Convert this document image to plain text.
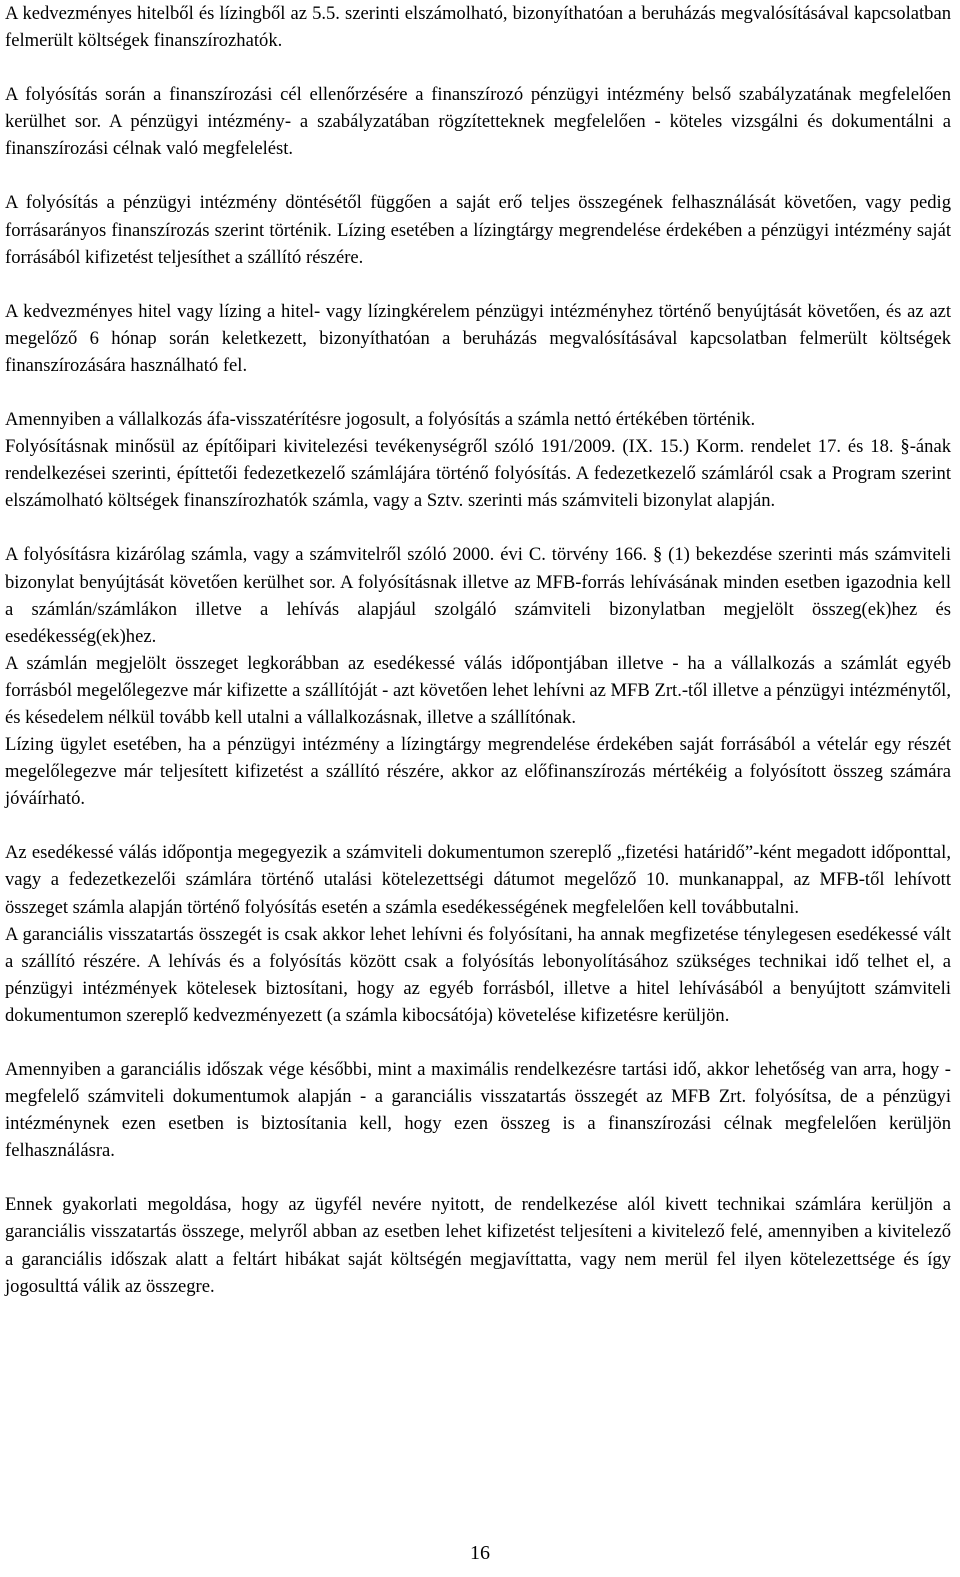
A kedvezményes hitelből és lízingből az 5.5. szerinti elszámolható, bizonyíthatóan a beruházás megvalósításával kapcsolatban felmerült költségek finanszírozhatók.

A folyósítás során a finanszírozási cél ellenőrzésére a finanszírozó pénzügyi intézmény belső szabályzatának megfelelően kerülhet sor. A pénzügyi intézmény- a szabályzatában rögzítetteknek megfelelően - köteles vizsgálni és dokumentálni a finanszírozási célnak való megfelelést.

A folyósítás a pénzügyi intézmény döntésétől függően a saját erő teljes összegének felhasználását követően, vagy pedig forrásarányos finanszírozás szerint történik. Lízing esetében a lízingtárgy megrendelése érdekében a pénzügyi intézmény saját forrásából kifizetést teljesíthet a szállító részére.

A kedvezményes hitel vagy lízing a hitel- vagy lízingkérelem pénzügyi intézményhez történő benyújtását követően, és az azt megelőző 6 hónap során keletkezett, bizonyíthatóan a beruházás megvalósításával kapcsolatban felmerült költségek finanszírozására használható fel.

Amennyiben a vállalkozás áfa-visszatérítésre jogosult, a folyósítás a számla nettó értékében történik.

Folyósításnak minősül az építőipari kivitelezési tevékenységről szóló 191/2009. (IX. 15.) Korm. rendelet 17. és 18. §-ának rendelkezései szerinti, építtetői fedezetkezelő számlájára történő folyósítás. A fedezetkezelő számláról csak a Program szerint elszámolható költségek finanszírozhatók számla, vagy a Sztv. szerinti más számviteli bizonylat alapján.

A folyósításra kizárólag számla, vagy a számvitelről szóló 2000. évi C. törvény 166. § (1) bekezdése szerinti más számviteli bizonylat benyújtását követően kerülhet sor. A folyósításnak illetve az MFB-forrás lehívásának minden esetben igazodnia kell a számlán/számlákon illetve a lehívás alapjául szolgáló számviteli bizonylatban megjelölt összeg(ek)hez és esedékesség(ek)hez.

A számlán megjelölt összeget legkorábban az esedékessé válás időpontjában illetve - ha a vállalkozás a számlát egyéb forrásból megelőlegezve már kifizette a szállítóját - azt követően lehet lehívni az MFB Zrt.-től illetve a pénzügyi intézménytől, és késedelem nélkül tovább kell utalni a vállalkozásnak, illetve a szállítónak.

Lízing ügylet esetében, ha a pénzügyi intézmény a lízingtárgy megrendelése érdekében saját forrásából a vételár egy részét megelőlegezve már teljesített kifizetést a szállító részére, akkor az előfinanszírozás mértékéig a folyósított összeg számára jóváírható.

Az esedékessé válás időpontja megegyezik a számviteli dokumentumon szereplő „fizetési határidő”-ként megadott időponttal, vagy a fedezetkezelői számlára történő utalási kötelezettségi dátumot megelőző 10. munkanappal, az MFB-től lehívott összeget számla alapján történő folyósítás esetén a számla esedékességének megfelelően kell továbbutalni.

A garanciális visszatartás összegét is csak akkor lehet lehívni és folyósítani, ha annak megfizetése ténylegesen esedékessé vált a szállító részére. A lehívás és a folyósítás között csak a folyósítás lebonyolításához szükséges technikai idő telhet el, a pénzügyi intézmények kötelesek biztosítani, hogy az egyéb forrásból, illetve a hitel lehívásából a benyújtott számviteli dokumentumon szereplő kedvezményezett (a számla kibocsátója) követelése kifizetésre kerüljön.

Amennyiben a garanciális időszak vége későbbi, mint a maximális rendelkezésre tartási idő, akkor lehetőség van arra, hogy - megfelelő számviteli dokumentumok alapján - a garanciális visszatartás összegét az MFB Zrt. folyósítsa, de a pénzügyi intézménynek ezen esetben is biztosítania kell, hogy ezen összeg is a finanszírozási célnak megfelelően kerüljön felhasználásra.

Ennek gyakorlati megoldása, hogy az ügyfél nevére nyitott, de rendelkezése alól kivett technikai számlára kerüljön a garanciális visszatartás összege, melyről abban az esetben lehet kifizetést teljesíteni a kivitelező felé, amennyiben a kivitelező a garanciális időszak alatt a feltárt hibákat saját költségén megjavíttatta, vagy nem merül fel ilyen kötelezettsége és így jogosulttá válik az összegre.

16
